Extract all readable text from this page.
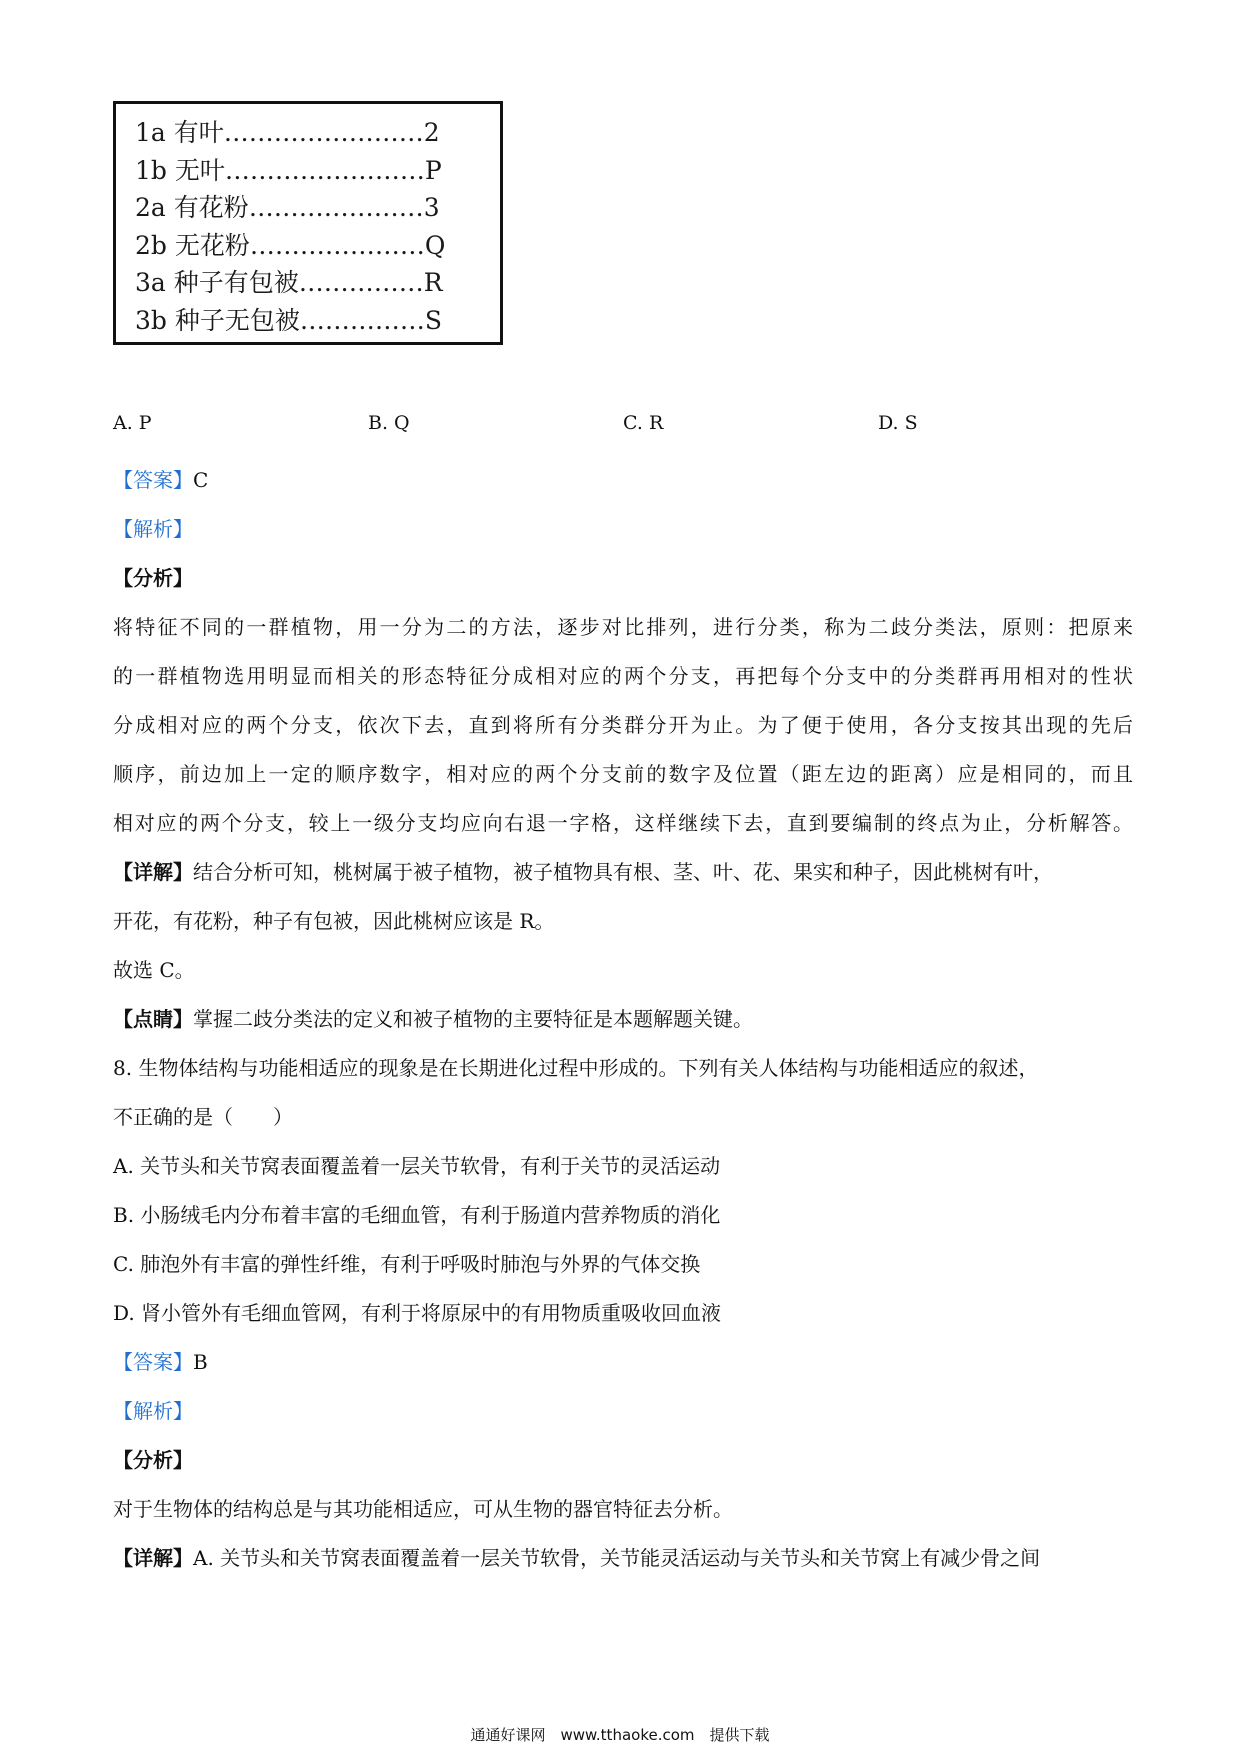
1a 有叶……………………2
1b 无叶……………………P
2a 有花粉…………………3
2b 无花粉…………………Q
3a 种子有包被……………R
3b 种子无包被……………S
A. P	B. Q	C. R	D. S
【答案】C
【解析】
【分析】
将特征不同的一群植物，用一分为二的方法，逐步对比排列，进行分类，称为二歧分类法，原则：把原来
的一群植物选用明显而相关的形态特征分成相对应的两个分支，再把每个分支中的分类群再用相对的性状
分成相对应的两个分支，依次下去，直到将所有分类群分开为止。为了便于使用，各分支按其出现的先后
顺序，前边加上一定的顺序数字，相对应的两个分支前的数字及位置（距左边的距离）应是相同的，而且
相对应的两个分支，较上一级分支均应向右退一字格，这样继续下去，直到要编制的终点为止，分析解答。
【详解】结合分析可知，桃树属于被子植物，被子植物具有根、茎、叶、花、果实和种子，因此桃树有叶，
开花，有花粉，种子有包被，因此桃树应该是 R。
故选 C。
【点睛】掌握二歧分类法的定义和被子植物的主要特征是本题解题关键。
8. 生物体结构与功能相适应的现象是在长期进化过程中形成的。下列有关人体结构与功能相适应的叙述，
不正确的是（　　）
A. 关节头和关节窝表面覆盖着一层关节软骨，有利于关节的灵活运动
B. 小肠绒毛内分布着丰富的毛细血管，有利于肠道内营养物质的消化
C. 肺泡外有丰富的弹性纤维，有利于呼吸时肺泡与外界的气体交换
D. 肾小管外有毛细血管网，有利于将原尿中的有用物质重吸收回血液
【答案】B
【解析】
【分析】
对于生物体的结构总是与其功能相适应，可从生物的器官特征去分析。
【详解】A. 关节头和关节窝表面覆盖着一层关节软骨，关节能灵活运动与关节头和关节窝上有减少骨之间
通通好课网　www.tthaoke.com　提供下载
